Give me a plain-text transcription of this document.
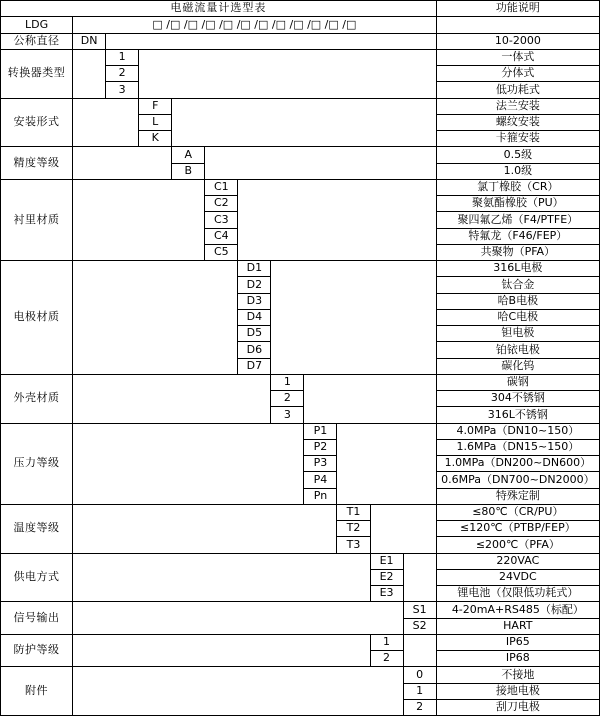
电磁流量计选型表												功能说明
LDG	□ /□ /□ /□ /□ /□ /□ /□ /□ /□ /□ /□											
公称直径	DN											10-2000
转换器类型		1										一体式
		2										分体式
		3										低功耗式
安装形式			F									法兰安装
			L									螺纹安装
			K									卡箍安装
精度等级				A								0.5级
				B								1.0级
衬里材质					C1							氯丁橡胶（CR）
					C2							聚氨酯橡胶（PU）
					C3							聚四氟乙烯（F4/PTFE）
					C4							特氟龙（F46/FEP）
					C5							共聚物（PFA）
电极材质						D1						316L电极
						D2						钛合金
						D3						哈B电极
						D4						哈C电极
						D5						钽电极
						D6						铂铱电极
						D7						碳化钨
外壳材质							1					碳钢
							2					304不锈钢
							3					316L不锈钢
压力等级								P1				4.0MPa（DN10~150）
								P2				1.6MPa（DN15~150）
								P3				1.0MPa（DN200~DN600）
								P4				0.6MPa（DN700~DN2000）
								Pn				特殊定制
温度等级									T1			≤80℃（CR/PU）
									T2			≤120℃（PTBP/FEP）
									T3			≤200℃（PFA）
供电方式										E1		220VAC
										E2		24VDC
										E3		锂电池（仅限低功耗式）
信号输出											S1	4-20mA+RS485（标配）
											S2	HART
防护等级										1		IP65
										2		IP68
附件											0	不接地
											1	接地电极
											2	刮刀电极
